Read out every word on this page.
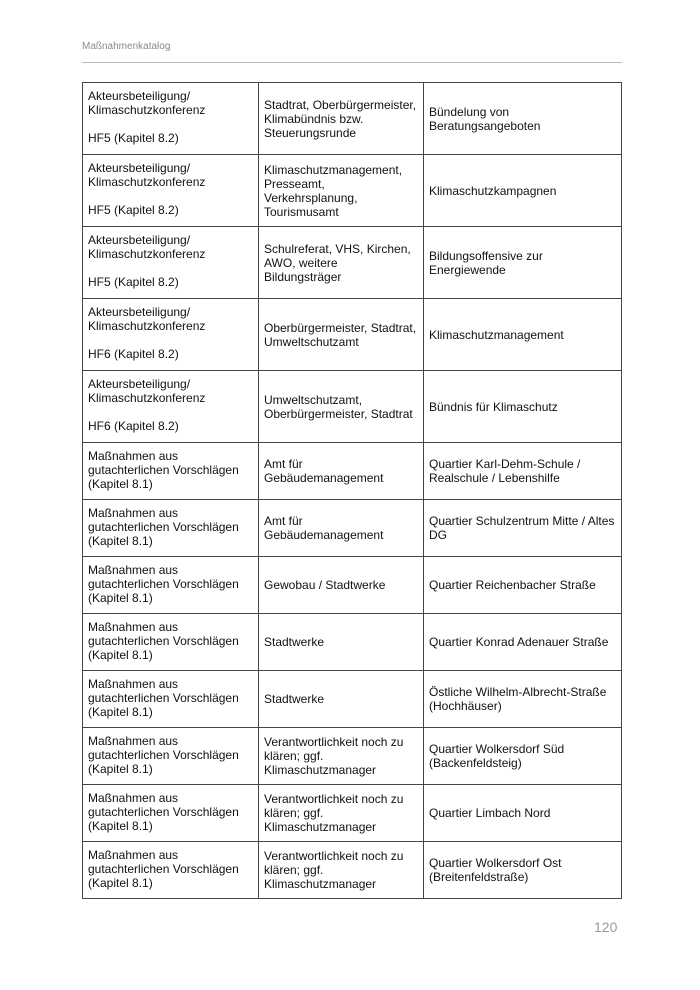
Maßnahmenkatalog
Akteursbeteiligung/
Klimaschutzkonferenz
HF5 (Kapitel 8.2)	Stadtrat, Oberbürgermeister,
Klimabündnis bzw.
Steuerungsrunde	Bündelung von Beratungsangeboten

Akteursbeteiligung/
Klimaschutzkonferenz
HF5 (Kapitel 8.2)	Klimaschutzmanagement,
Presseamt, Verkehrsplanung,
Tourismusamt	Klimaschutzkampagnen

Akteursbeteiligung/
Klimaschutzkonferenz
HF5 (Kapitel 8.2)	Schulreferat, VHS, Kirchen,
AWO, weitere Bildungsträger	Bildungsoffensive zur Energiewende

Akteursbeteiligung/
Klimaschutzkonferenz
HF6 (Kapitel 8.2)	Oberbürgermeister, Stadtrat,
Umweltschutzamt	Klimaschutzmanagement

Akteursbeteiligung/
Klimaschutzkonferenz
HF6 (Kapitel 8.2)	Umweltschutzamt,
Oberbürgermeister, Stadtrat	Bündnis für Klimaschutz

Maßnahmen aus
gutachterlichen Vorschlägen
(Kapitel 8.1)	Amt für
Gebäudemanagement	Quartier Karl-Dehm-Schule /
Realschule / Lebenshilfe

Maßnahmen aus
gutachterlichen Vorschlägen
(Kapitel 8.1)	Amt für
Gebäudemanagement	Quartier Schulzentrum Mitte / Altes
DG

Maßnahmen aus
gutachterlichen Vorschlägen
(Kapitel 8.1)	Gewobau / Stadtwerke	Quartier Reichenbacher Straße

Maßnahmen aus
gutachterlichen Vorschlägen
(Kapitel 8.1)	Stadtwerke	Quartier Konrad Adenauer Straße

Maßnahmen aus
gutachterlichen Vorschlägen
(Kapitel 8.1)	Stadtwerke	Östliche Wilhelm-Albrecht-Straße
(Hochhäuser)

Maßnahmen aus
gutachterlichen Vorschlägen
(Kapitel 8.1)	Verantwortlichkeit noch zu
klären; ggf.
Klimaschutzmanager	Quartier Wolkersdorf Süd
(Backenfeldsteig)

Maßnahmen aus
gutachterlichen Vorschlägen
(Kapitel 8.1)	Verantwortlichkeit noch zu
klären; ggf.
Klimaschutzmanager	Quartier Limbach Nord

Maßnahmen aus
gutachterlichen Vorschlägen
(Kapitel 8.1)	Verantwortlichkeit noch zu
klären; ggf.
Klimaschutzmanager	Quartier Wolkersdorf Ost
(Breitenfeldstraße)
120
